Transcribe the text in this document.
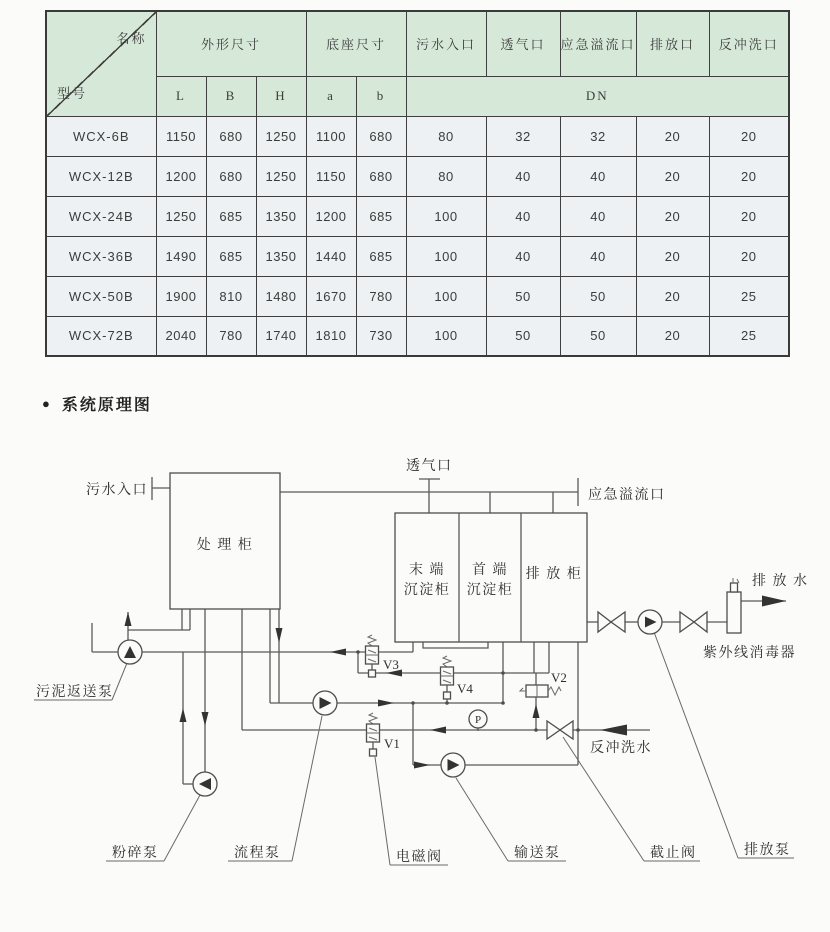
名称
型号	外形尺寸			底座尺寸		污水入口	透气口	应急溢流口	排放口	反冲洗口
	L	B	H	a	b	DN				
WCX-6B	1150	680	1250	1100	680	80	32	32	20	20
WCX-12B	1200	680	1250	1150	680	80	40	40	20	20
WCX-24B	1250	685	1350	1200	685	100	40	40	20	20
WCX-36B	1490	685	1350	1440	685	100	40	40	20	20
WCX-50B	1900	810	1480	1670	780	100	50	50	20	25
WCX-72B	2040	780	1740	1810	730	100	50	50	20	25
● 系统原理图
P
污水入口
透气口
应急溢流口
处 理 柜
末 端
沉淀柜
首 端
沉淀柜
排 放 柜	排 放 水
紫外线消毒器
污泥返送泵
粉碎泵	流程泵	电磁阀	输送泵	截止阀	排放泵
反冲洗水
V3
V4
V1
V2
